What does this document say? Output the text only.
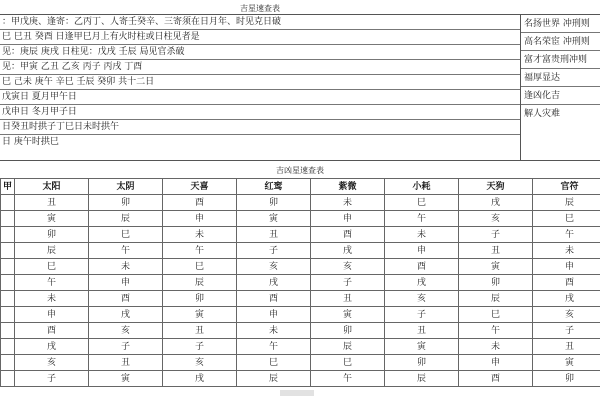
吉星速查表
：甲戊庚、逢寄：乙丙丁、人寄壬癸辛、三寄须在日月年、时见克日破
巳 巳丑 癸酉 日逢甲巳月上有火时柱或日柱见者是
见：庚辰 庚戌 日柱见：戊戌 壬辰 局见官杀破
见：甲寅 乙丑 乙亥 丙子 丙戌 丁酉
巳 己未 庚午 辛巳 壬辰 癸卯 共十二日
戊寅日 夏月甲午日
戊申日 冬月甲子日
日癸丑时拱子丁巳日未时拱午
日 庚午时拱巳
名扬世界 冲刑则
高名荣宦 冲刑则
富才富贵刑冲则
福厚显达
逢凶化吉
解人灾难
吉凶星速查表
甲	太阳	太阴	天喜	红鸾	紫微	小耗	天狗	官符	
	丑	卯	酉	卯	未	巳	戌	辰	
	寅	辰	申	寅	申	午	亥	巳	
	卯	巳	未	丑	酉	未	子	午	
	辰	午	午	子	戌	申	丑	未	
	巳	未	巳	亥	亥	酉	寅	申	
	午	申	辰	戌	子	戌	卯	酉	
	未	酉	卯	酉	丑	亥	辰	戌	
	申	戌	寅	申	寅	子	巳	亥	
	酉	亥	丑	未	卯	丑	午	子	
	戌	子	子	午	辰	寅	未	丑	
	亥	丑	亥	巳	巳	卯	申	寅	
	子	寅	戌	辰	午	辰	酉	卯	
